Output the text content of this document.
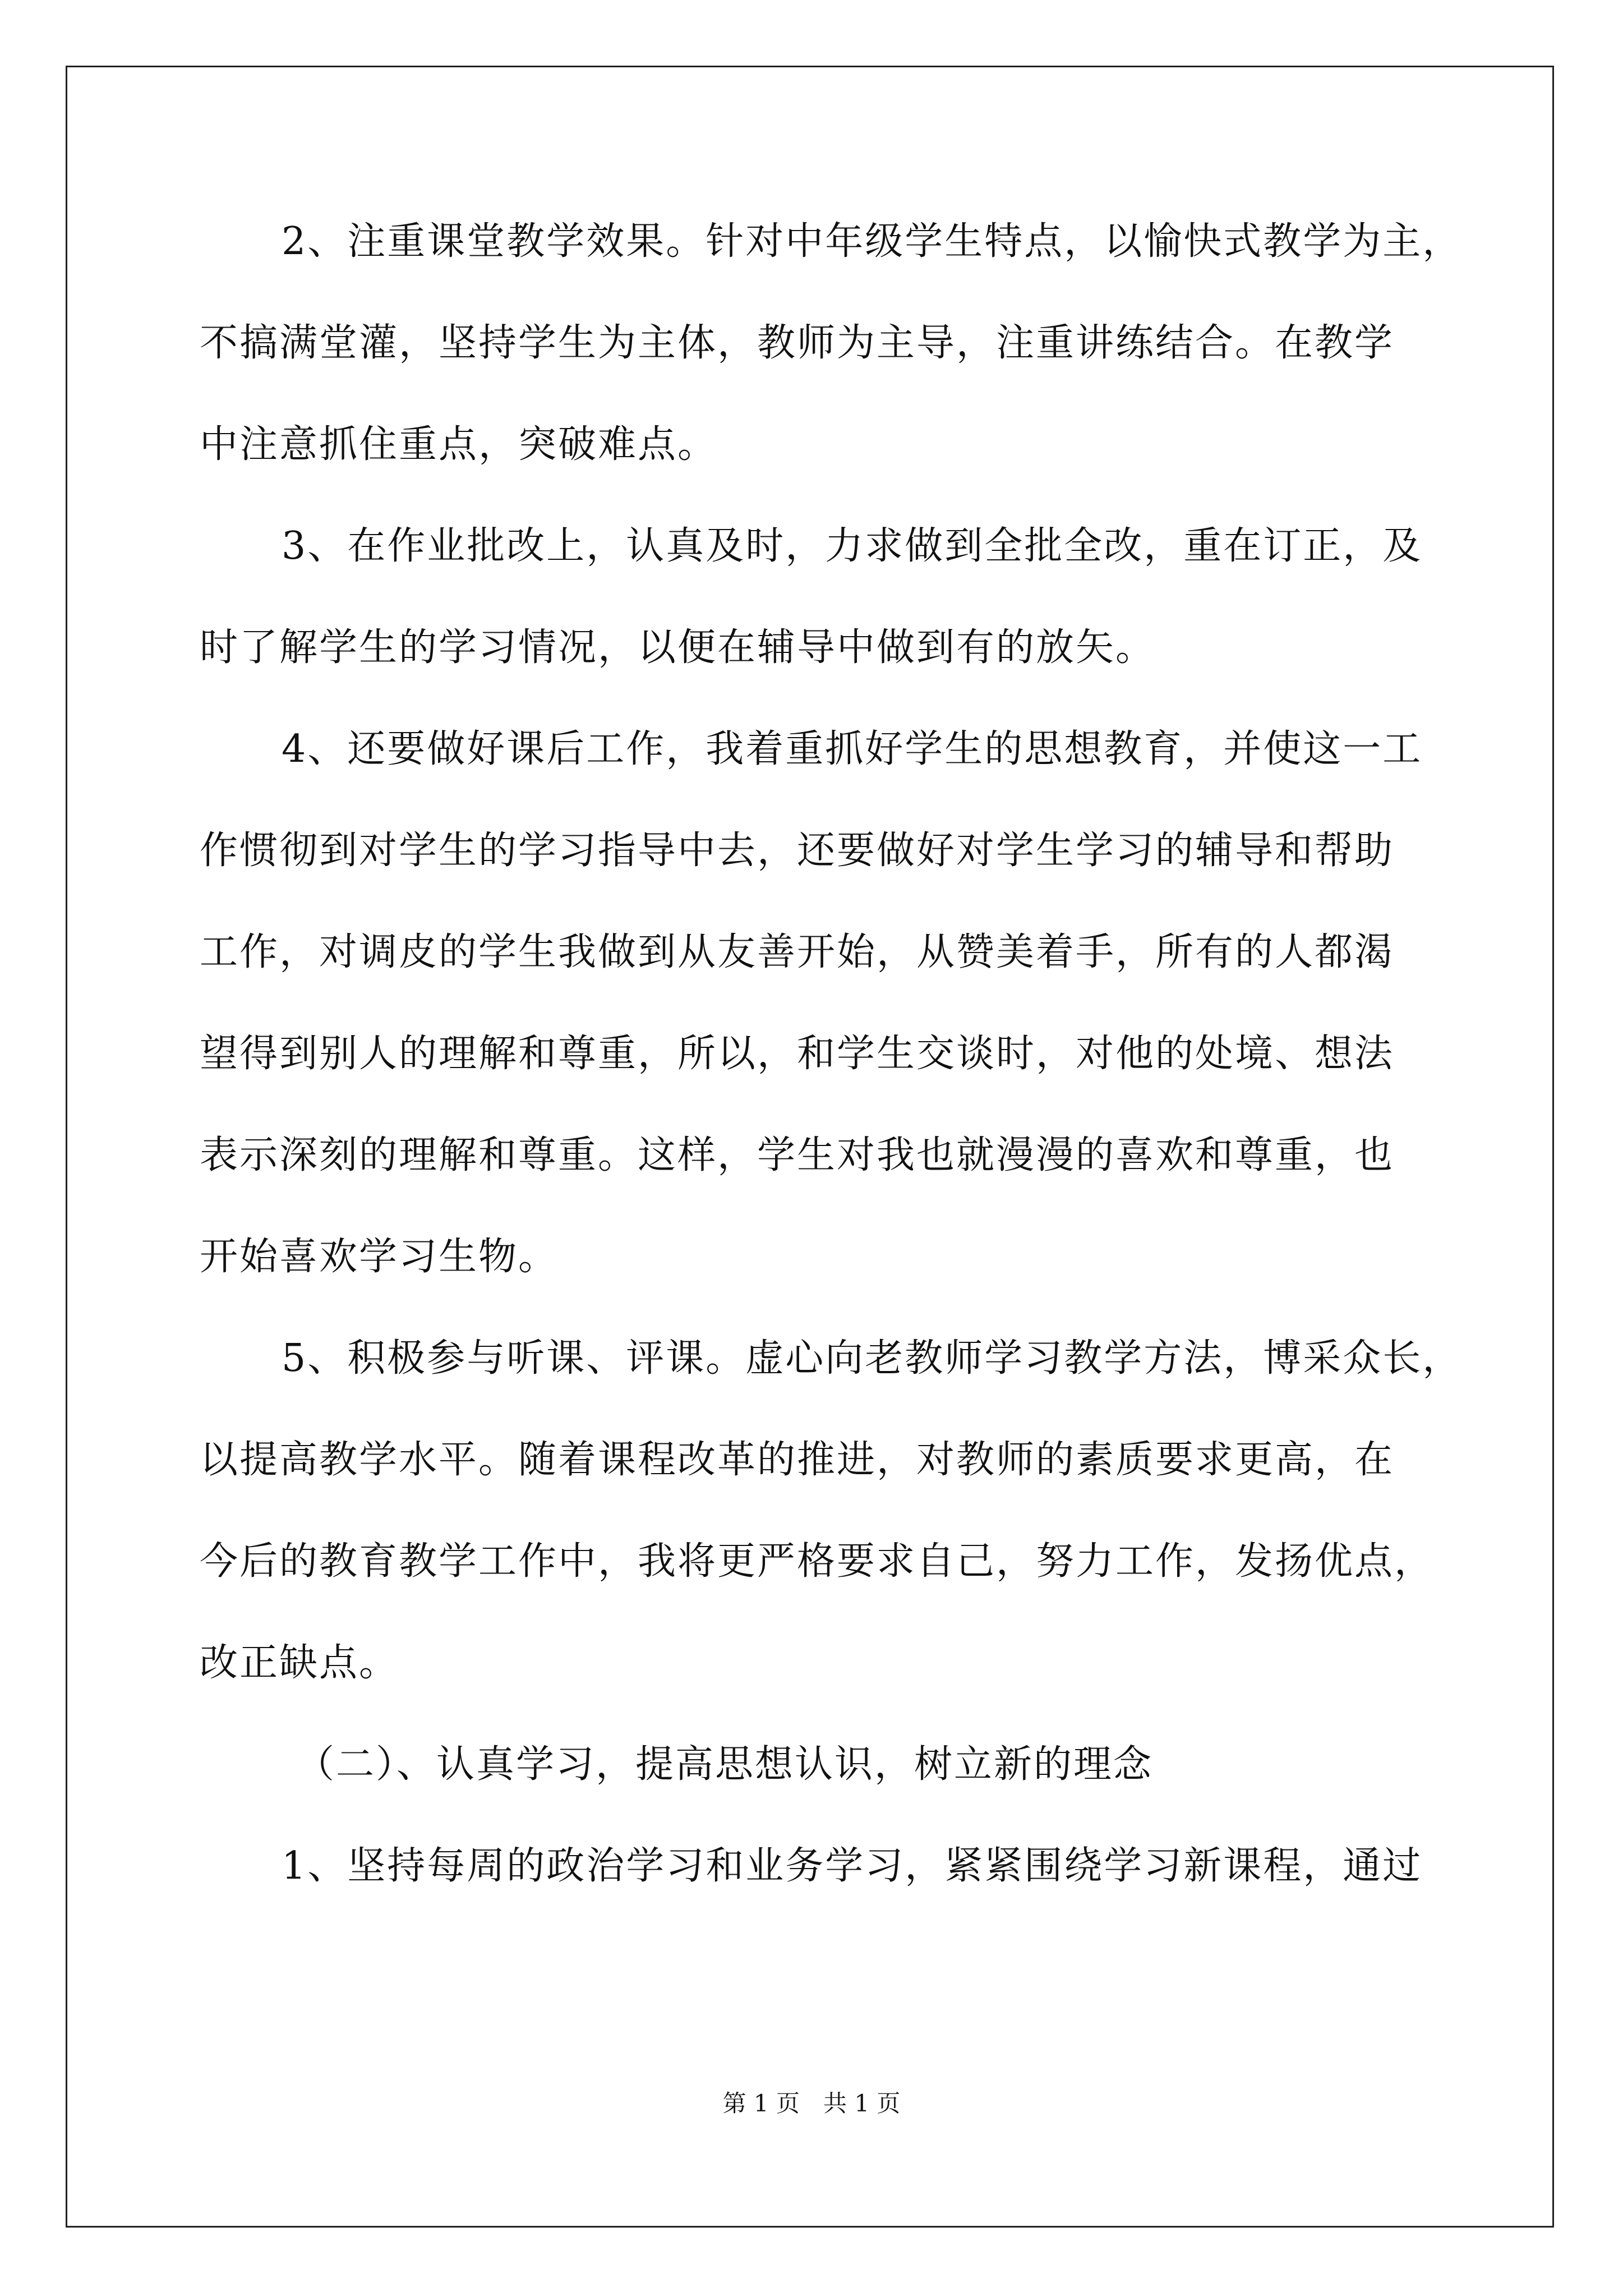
2、注重课堂教学效果。针对中年级学生特点，以愉快式教学为主，
不搞满堂灌，坚持学生为主体，教师为主导，注重讲练结合。在教学
中注意抓住重点，突破难点。
3、在作业批改上，认真及时，力求做到全批全改，重在订正，及
时了解学生的学习情况，以便在辅导中做到有的放矢。
4、还要做好课后工作，我着重抓好学生的思想教育，并使这一工
作惯彻到对学生的学习指导中去，还要做好对学生学习的辅导和帮助
工作，对调皮的学生我做到从友善开始，从赞美着手，所有的人都渴
望得到别人的理解和尊重，所以，和学生交谈时，对他的处境、想法
表示深刻的理解和尊重。这样，学生对我也就漫漫的喜欢和尊重，也
开始喜欢学习生物。
5、积极参与听课、评课。虚心向老教师学习教学方法，博采众长，
以提高教学水平。随着课程改革的推进，对教师的素质要求更高，在
今后的教育教学工作中，我将更严格要求自己，努力工作，发扬优点，
改正缺点。
（二）、认真学习，提高思想认识，树立新的理念
1、坚持每周的政治学习和业务学习，紧紧围绕学习新课程，通过
第 1 页　共 1 页
